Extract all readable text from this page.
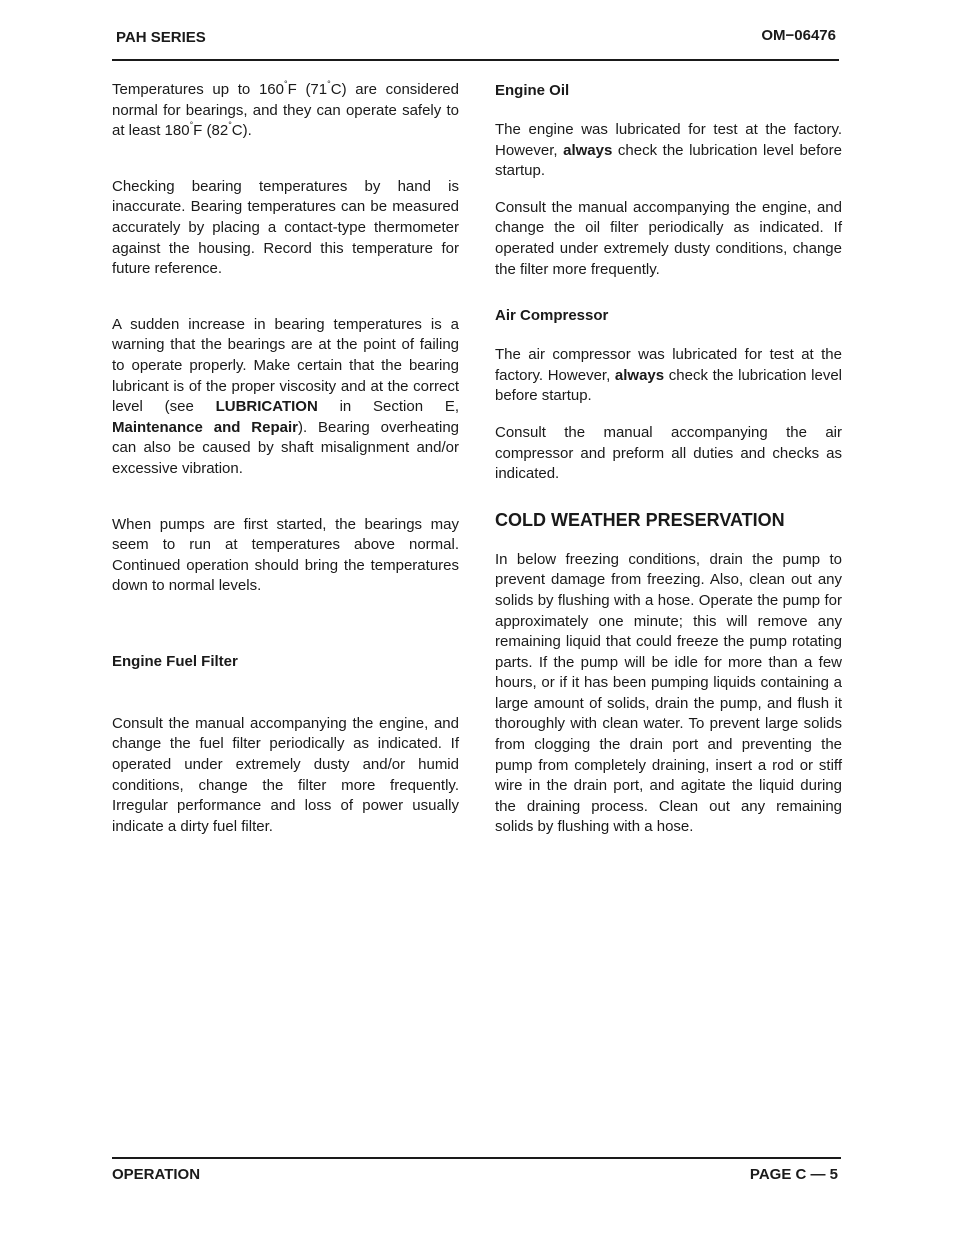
PAH SERIES	OM−06476

Temperatures up to 160°F (71°C) are considered normal for bearings, and they can operate safely to at least 180°F (82°C).

Checking bearing temperatures by hand is inaccurate. Bearing temperatures can be measured accurately by placing a contact-type thermometer against the housing. Record this temperature for future reference.

A sudden increase in bearing temperatures is a warning that the bearings are at the point of failing to operate properly. Make certain that the bearing lubricant is of the proper viscosity and at the correct level (see LUBRICATION in Section E, Maintenance and Repair). Bearing overheating can also be caused by shaft misalignment and/or excessive vibration.

When pumps are first started, the bearings may seem to run at temperatures above normal. Continued operation should bring the temperatures down to normal levels.

Engine Fuel Filter

Consult the manual accompanying the engine, and change the fuel filter periodically as indicated. If operated under extremely dusty and/or humid conditions, change the filter more frequently. Irregular performance and loss of power usually indicate a dirty fuel filter.

Engine Oil

The engine was lubricated for test at the factory. However, always check the lubrication level before startup.

Consult the manual accompanying the engine, and change the oil filter periodically as indicated. If operated under extremely dusty conditions, change the filter more frequently.

Air Compressor

The air compressor was lubricated for test at the factory. However, always check the lubrication level before startup.

Consult the manual accompanying the air compressor and preform all duties and checks as indicated.

COLD WEATHER PRESERVATION

In below freezing conditions, drain the pump to prevent damage from freezing. Also, clean out any solids by flushing with a hose. Operate the pump for approximately one minute; this will remove any remaining liquid that could freeze the pump rotating parts. If the pump will be idle for more than a few hours, or if it has been pumping liquids containing a large amount of solids, drain the pump, and flush it thoroughly with clean water. To prevent large solids from clogging the drain port and preventing the pump from completely draining, insert a rod or stiff wire in the drain port, and agitate the liquid during the draining process. Clean out any remaining solids by flushing with a hose.

OPERATION	PAGE C — 5
